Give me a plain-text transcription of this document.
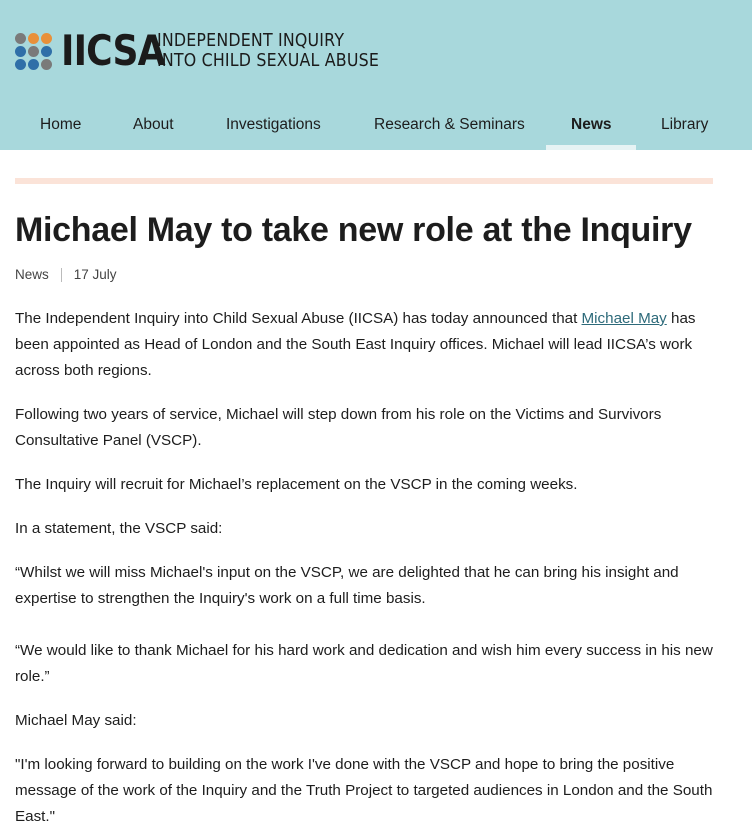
IICSA
INDEPENDENT INQUIRY
INTO CHILD SEXUAL ABUSE
Home	About	Investigations	Research & Seminars	News	Library
Michael May to take new role at the Inquiry
News 17 July

The Independent Inquiry into Child Sexual Abuse (IICSA) has today announced that Michael May has been appointed as Head of London and the South East Inquiry offices. Michael will lead IICSA’s work across both regions.

Following two years of service, Michael will step down from his role on the Victims and Survivors Consultative Panel (VSCP).

The Inquiry will recruit for Michael’s replacement on the VSCP in the coming weeks.

In a statement, the VSCP said:

“Whilst we will miss Michael's input on the VSCP, we are delighted that he can bring his insight and expertise to strengthen the Inquiry's work on a full time basis.

“We would like to thank Michael for his hard work and dedication and wish him every success in his new role.”

Michael May said:

"I'm looking forward to building on the work I've done with the VSCP and hope to bring the positive message of the work of the Inquiry and the Truth Project to targeted audiences in London and the South East."
